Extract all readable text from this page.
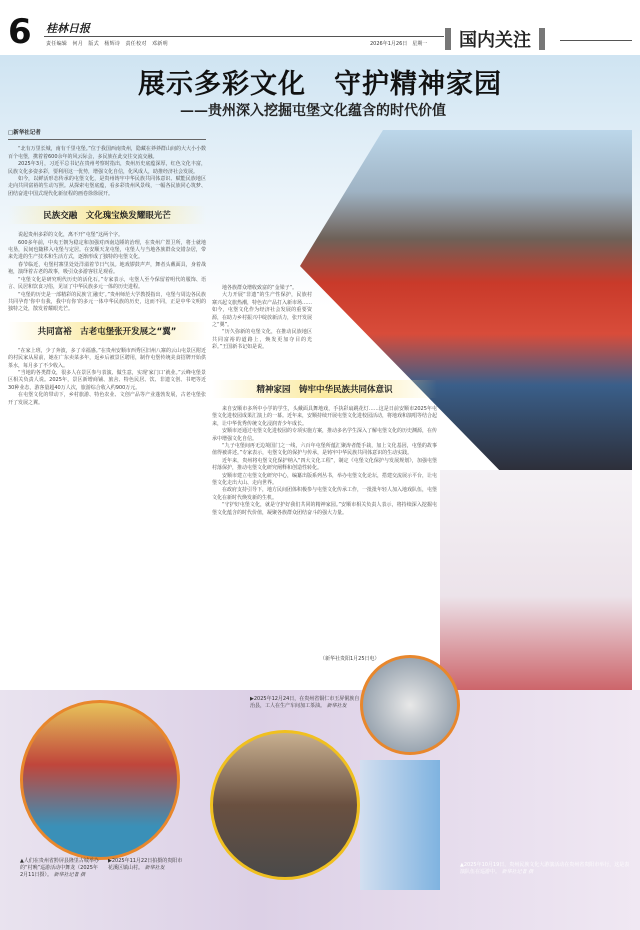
6 桂林日报
责任编辑　何月　版式　杨辉诗　责任校对　邓新明	2026年1月26日　星期一	国内关注
展示多彩文化　守护精神家园
——贵州深入挖掘屯堡文化蕴含的时代价值
□新华社记者

“北有万里长城，南有千里屯堡。”位于我国西南贵州，隐藏在莽莽群山间的大大小小数百个屯堡，携着着600余年的风云际会，多民族在此交往交流交融。

2025年3月，习近平总书记在贵州考察时指出，贵州历史底蕴深厚，红色文化丰富，民族文化多姿多彩，要利用这一优势，增强文化自信，化风成人，助推经济社会发展。

如今，以鲜活形态传承的屯堡文化，是贵州铸牢中华民族共同体意识、赋能民族地区走向共同富裕的生动写照。从探索屯堡底蕴，看多彩贵州风景线，一幅各民族同心筑梦、团结奋进中国式现代化新征程的画卷徐徐展开。

民族交融　文化瑰宝焕发耀眼光芒

说起贵州多彩的文化，离不开“屯堡”这两个字。

600多年前，中央王朝为稳定和加强对西南边陲的治理，在贵州广置卫所，将士就地屯垦，民间也随移入屯堡与定居。在安顺天龙屯堡，屯堡人与当地各族群众交错杂居，带来先进的生产技术和生活方式，逐渐形成了独特的屯堡文化。

春节临近，屯堡村寨里处处洋溢着节日气氛。地戏锣鼓声声，舞者头戴面具，身着战袍，演绎着古老的故事，吸引众多游客驻足观看。

“屯堡文化是研究明代历史的活化石。”专家表示，屯堡人至今保留着明代的服饰、语言、民居和饮食习俗，见证了中华民族多元一体的历史进程。

“屯堡的历史是一部精彩的民族‘汇融史’。”贵州师范大学教授指出，屯堡与周边各民族共同孕育‘你中有我，我中有你’的多元一体中华民族的历史，这而不同，正是中华文明的独特之处，散发着耀眼光芒。

共同富裕　古老屯堡张开发展之“翼”

“在家上班，少了奔波，多了幸福感。”在贵州安顺市西秀区旧州八寨的云山屯景区附近的村民家从屋前，她在广东卖菜多年，返乡后被景区聘用，制作屯堡传统美食招牌开始供茶水，每月多了不少收入。

“当地的各类群众，很多人在景区参与表演、做生意，实现‘家门口’就业。”云峰屯堡景区相关负责人说。2025年，景区新增商铺、旅舍、特色民居、饮、非遗文创、书吧等近30种业态，游客量超40万人次，旅游综合收入约900万元。

在屯堡文化的带动下，乡村旅游、特色农业、文创产品等产业蓬勃发展，古老屯堡张开了发展之翼。

地各族群众增收致富的“金梁子”。

大力开展“非遗”的生产性保护，民族村寨兴起文旅热潮，特色农产品打入新市场……如今，屯堡文化作为经济社会发展的重要资源，在助力乡村振兴中绽放新活力，张开发展之“翼”。

“历久弥新的屯堡文化，在推动民族地区共同富裕的道路上，焕发更加夺目的光彩。”王国新书记如是说。

精神家园　铸牢中华民族共同体意识

来自安顺市多所中小学的学生，头戴面具舞地戏，手执彩扇跳花灯……这是日前安顺市2025年屯堡文化进校园成果汇演上的一幕。近年来，安顺持续开展屯堡文化进校园活动，将地戏和演唱等结合起来，让中华优秀传统文化浸润青少年成长。

安顺市还通过屯堡文化进校园的专项实施方案，推动多名学生深入了解屯堡文化的历史渊源，在传承中增强文化自信。

“九子屯堡间再无边境国门之一线，六百年屯堡所蕴汇聚涛者能手栽，加上文化基因，屯堡的故事值得被讲述。”专家表示，屯堡文化的保护与传承，是铸牢中华民族共同体意识的生动实践。

近年来，贵州将屯堡文化保护纳入“四大文化工程”，制定《屯堡文化保护与发展规划》，加强屯堡村落保护，推动屯堡文化研究阐释和创造性转化。

安顺市建立屯堡文化研究中心，编纂出版系列丛书，举办屯堡文化论坛，搭建交流展示平台，让屯堡文化走出大山、走向世界。

在政府支持引导下，地方民间团体积极参与屯堡文化传承工作，一批批年轻人加入地戏队伍，屯堡文化在新时代焕发新的生机。

“守护好屯堡文化，就是守护好我们共同的精神家园。”安顺市相关负责人表示，将持续深入挖掘屯堡文化蕴含的时代价值，凝聚各族群众团结奋斗的强大力量。

（新华社贵阳1月25日电）
▶2025年12月24日，在贵州省铜仁市玉屏侗族自治县，工人在生产车间加工茶油。 新华社发
▲人们在贵州省黔屏县隆里古城举办的“村晚”巡游活动中舞龙（2025年2月11日摄）。 新华社记者 摄
▶2025年11月22日拍摄的贵阳市花溪区镇山村。 新华社发	▲2025年10月19日，贵州民族文化大游演活动在贵州省贵阳市举行，这是表演队伍在巡游中。 新华社记者 摄
